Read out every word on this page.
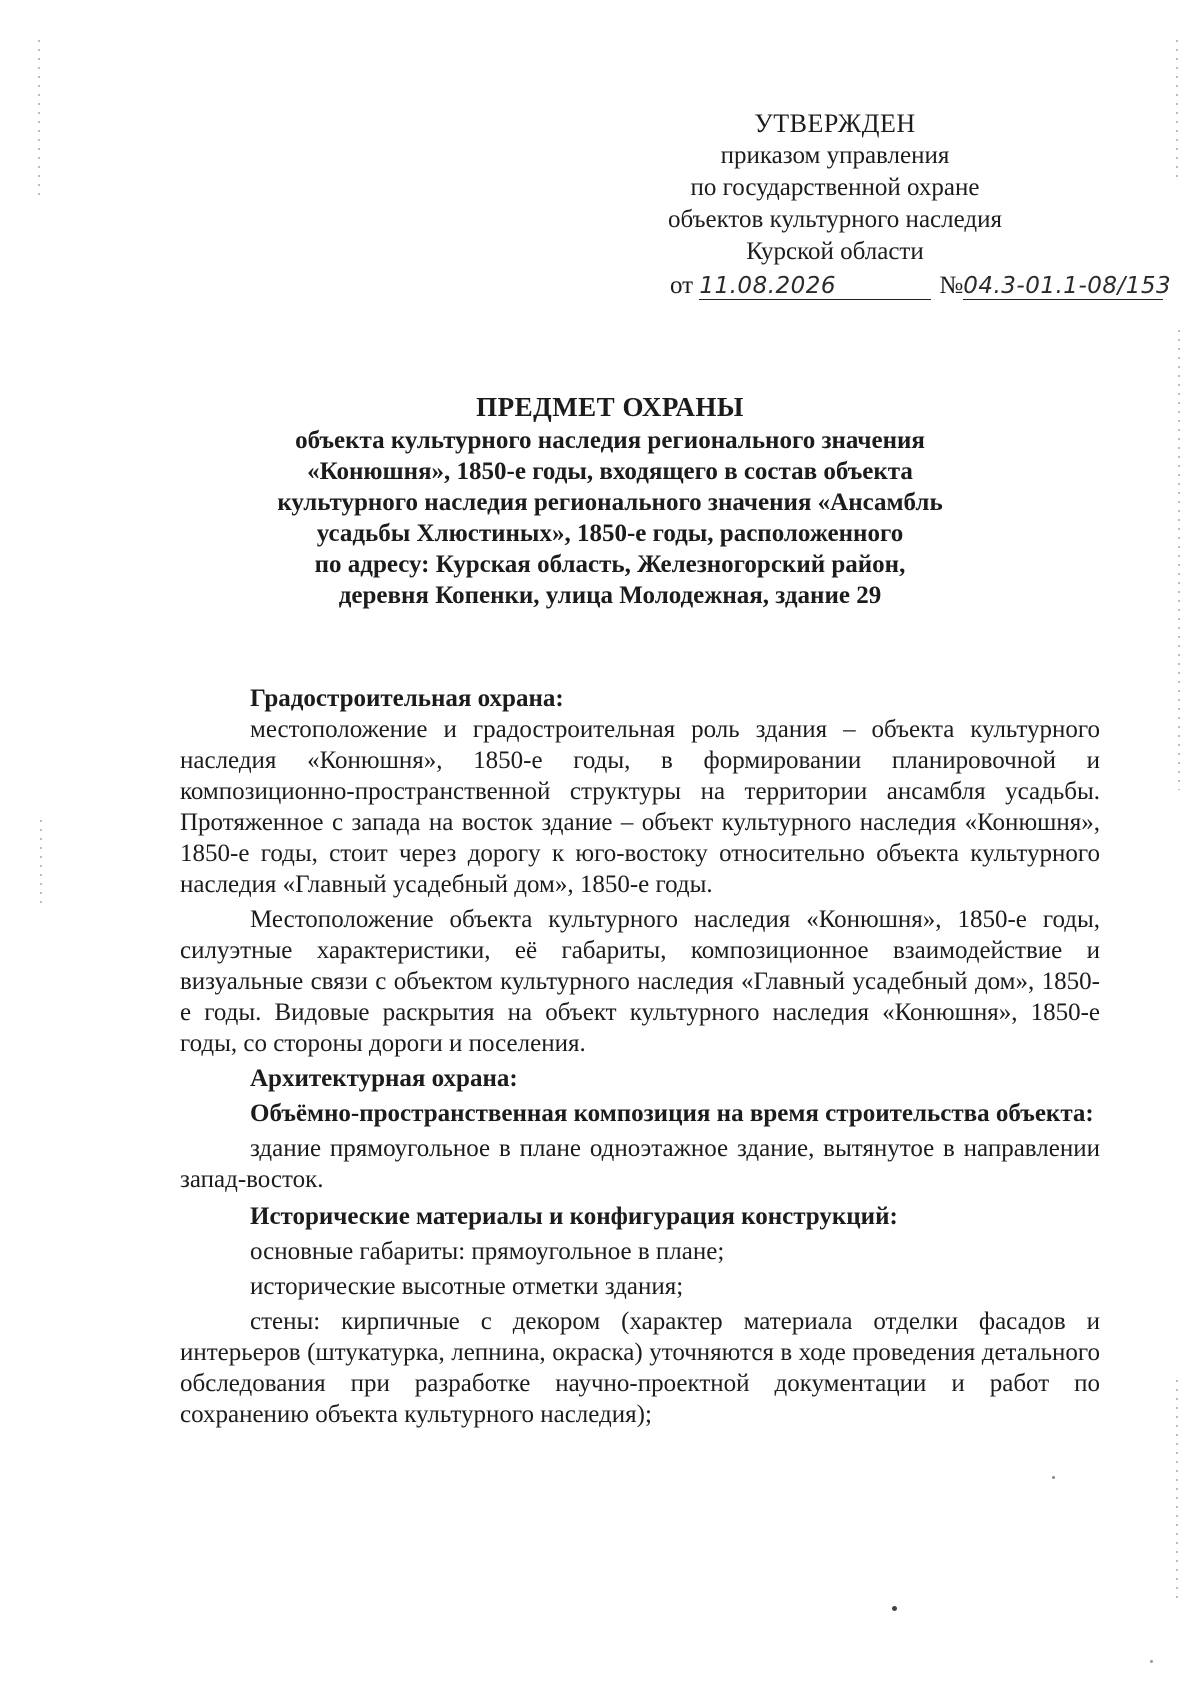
УТВЕРЖДЕН
приказом управления
по государственной охране
объектов культурного наследия
Курской области
от 11.08.2026	№04.3-01.1-08/153
ПРЕДМЕТ ОХРАНЫ
объекта культурного наследия регионального значения
«Конюшня», 1850-е годы, входящего в состав объекта
культурного наследия регионального значения «Ансамбль
усадьбы Хлюстиных», 1850-е годы, расположенного
по адресу: Курская область, Железногорский район,
деревня Копенки, улица Молодежная, здание 29
Градостроительная охрана:

местоположение и градостроительная роль здания – объекта культурного наследия «Конюшня», 1850-е годы, в формировании планировочной и композиционно-пространственной структуры на территории ансамбля усадьбы. Протяженное с запада на восток здание – объект культурного наследия «Конюшня», 1850-е годы, стоит через дорогу к юго-востоку относительно объекта культурного наследия «Главный усадебный дом», 1850-е годы.

Местоположение объекта культурного наследия «Конюшня», 1850-е годы, силуэтные характеристики, её габариты, композиционное взаимодействие и визуальные связи с объектом культурного наследия «Главный усадебный дом», 1850-е годы. Видовые раскрытия на объект культурного наследия «Конюшня», 1850-е годы, со стороны дороги и поселения.

Архитектурная охрана:
Объёмно-пространственная композиция на время строительства объекта:

здание прямоугольное в плане одноэтажное здание, вытянутое в направлении запад-восток.

Исторические материалы и конфигурация конструкций:

основные габариты: прямоугольное в плане;

исторические высотные отметки здания;

стены: кирпичные с декором (характер материала отделки фасадов и интерьеров (штукатурка, лепнина, окраска) уточняются в ходе проведения детального обследования при разработке научно-проектной документации и работ по сохранению объекта культурного наследия);
